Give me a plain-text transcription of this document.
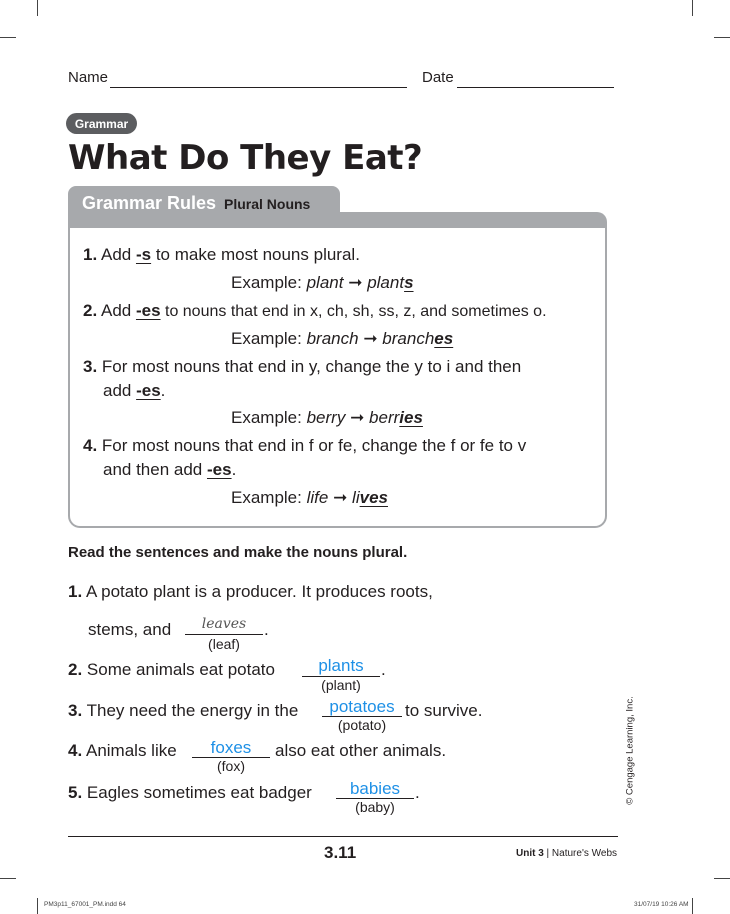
Name	Date
Grammar
What Do They Eat?
Grammar Rules Plural Nouns
1. Add -s to make most nouns plural.
Example: plant ➞ plants
2. Add -es to nouns that end in x, ch, sh, ss, z, and sometimes o.
Example: branch ➞ branches
3. For most nouns that end in y, change the y to i and then
add -es.
Example: berry ➞ berries
4. For most nouns that end in f or fe, change the f or fe to v
and then add -es.
Example: life ➞ lives
Read the sentences and make the nouns plural.
1. A potato plant is a producer. It produces roots,
stems, and	leaves	.
(leaf)
2. Some animals eat potato	plants	.
(plant)
3. They need the energy in the	potatoes to survive.
(potato)
4. Animals like	foxes	also eat other animals.
(fox)
5. Eagles sometimes eat badger	babies .
(baby)
© Cengage Learning, Inc.
3.11	Unit 3 | Nature's Webs
PM3p11_67001_PM.indd 64	31/07/19 10:26 AM
